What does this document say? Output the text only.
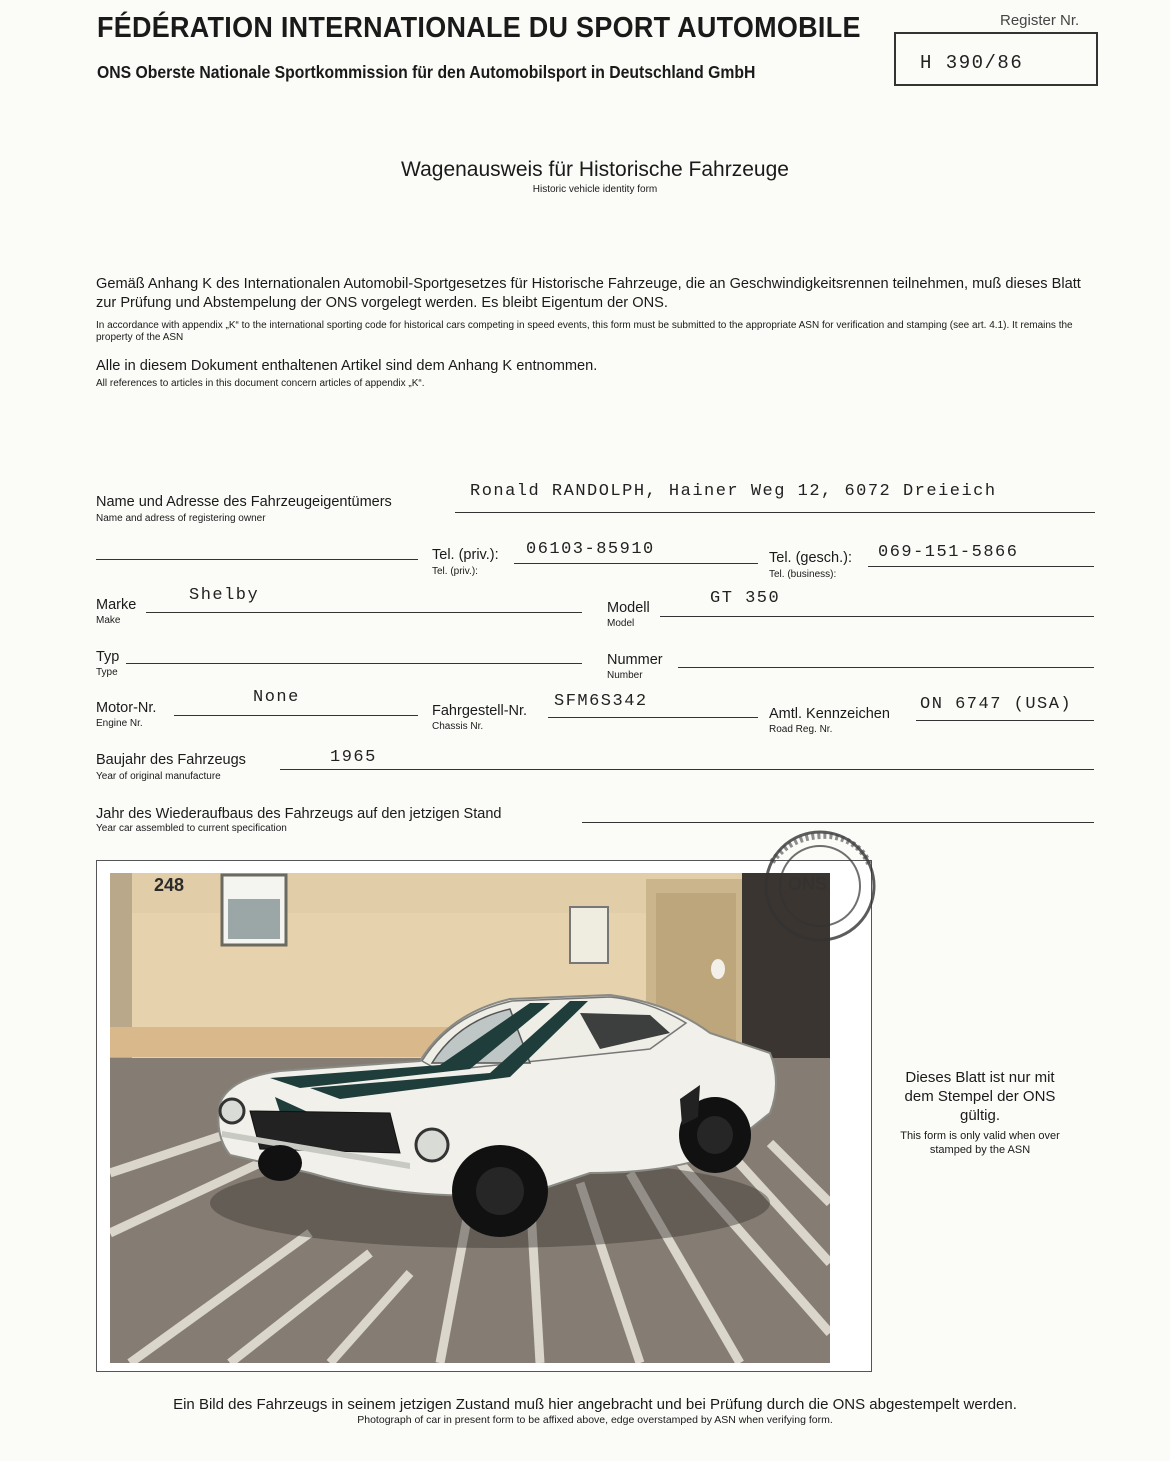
FÉDÉRATION INTERNATIONALE DU SPORT AUTOMOBILE
ONS Oberste Nationale Sportkommission für den Automobilsport in Deutschland GmbH
Register Nr.
H 390/86
Wagenausweis für Historische Fahrzeuge
Historic vehicle identity form
Gemäß Anhang K des Internationalen Automobil-Sportgesetzes für Historische Fahrzeuge, die an Geschwindigkeitsrennen teilnehmen, muß dieses Blatt zur Prüfung und Abstempelung der ONS vorgelegt werden. Es bleibt Eigentum der ONS.
In accordance with appendix „K“ to the international sporting code for historical cars competing in speed events, this form must be submitted to the appropriate ASN for verification and stamping (see art. 4.1). It remains the property of the ASN
Alle in diesem Dokument enthaltenen Artikel sind dem Anhang K entnommen.
All references to articles in this document concern articles of appendix „K“.
Name und Adresse des Fahrzeugeigentümers
Name and adress of registering owner
Ronald RANDOLPH, Hainer Weg 12, 6072 Dreieich
Tel. (priv.):
Tel. (priv.):
06103-85910	Tel. (gesch.):
Tel. (business):
069-151-5866
Marke
Make
Shelby
Modell
Model
GT 350
Typ
Type
Nummer
Number
Motor-Nr.
Engine Nr.
None
Fahrgestell-Nr.
Chassis Nr.
SFM6S342
Amtl. Kennzeichen
Road Reg. Nr.
ON 6747 (USA)
Baujahr des Fahrzeugs
Year of original manufacture
1965
Jahr des Wiederaufbaus des Fahrzeugs auf den jetzigen Stand
Year car assembled to current specification
248	ONS
Dieses Blatt ist nur mit dem Stempel der ONS gültig.
This form is only valid when over stamped by the ASN
Ein Bild des Fahrzeugs in seinem jetzigen Zustand muß hier angebracht und bei Prüfung durch die ONS abgestempelt werden.
Photograph of car in present form to be affixed above, edge overstamped by ASN when verifying form.
